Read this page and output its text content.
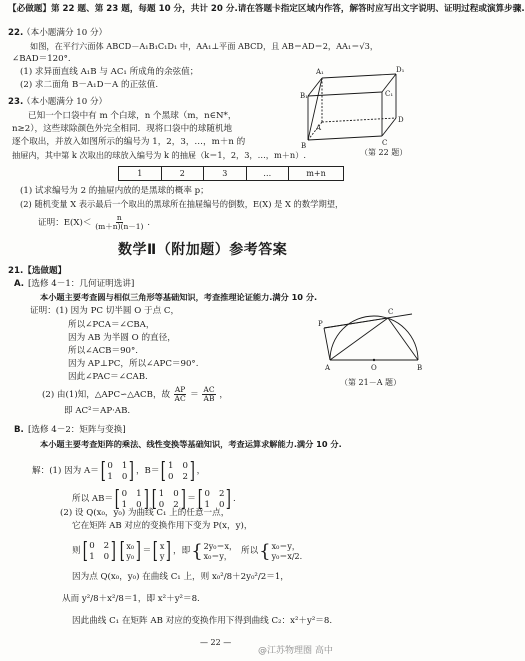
【必做题】第 22 题、第 23 题，每题 10 分，共计 20 分.请在答题卡指定区域内作答，解答时应写出文字说明、证明过程或演算步骤.
22.
（本小题满分 10 分）
如图，在平行六面体 ABCD－A₁B₁C₁D₁ 中，AA₁⊥平面 ABCD，且 AB＝AD＝2，AA₁＝√3，
∠BAD＝120°.
(1) 求异面直线 A₁B 与 AC₁ 所成角的余弦值；
(2) 求二面角 B－A₁D－A 的正弦值.
A₁	D₁
B₁	C₁
A
B	C
D
（第 22 题）
23.
（本小题满分 10 分）
已知一个口袋中有 m 个白球，n 个黑球（m，n∈N*，
n≥2），这些球除颜色外完全相同．现将口袋中的球随机地
逐个取出，并放入如图所示的编号为 1，2，3，…，m＋n 的
抽屉内，其中第 k 次取出的球放入编号为 k 的抽屉（k＝1，2，3，…，m＋n）.
1	2	3	…	m+n
(1) 试求编号为 2 的抽屉内放的是黑球的概率 p；
(2) 随机变量 X 表示最后一个取出的黑球所在抽屉编号的倒数，E(X) 是 X 的数学期望，
证明：$E(X)< \frac{n}{(m+n)(n-1)}$ .
数学Ⅱ（附加题）参考答案
21.【选做题】
A. [选修 4－1：几何证明选讲]
本小题主要考查圆与相似三角形等基础知识，考查推理论证能力.满分 10 分.
证明：(1) 因为 PC 切半圆 O 于点 C，
所以∠PCA＝∠CBA，
因为 AB 为半圆 O 的直径，
所以∠ACB＝90°.
因为 AP⊥PC，所以∠APC＝90°.
因此∠PAC＝∠CAB.
(2) 由(1)知，△APC∽△ACB，故 $\frac{AP}{AC} = \frac{AC}{AB}$ ，
即 AC²＝AP·AB.
P
C
A	O	B
（第 21－A 题）
B. [选修 4－2：矩阵与变换]
本小题主要考查矩阵的乘法、线性变换等基础知识，考查运算求解能力.满分 10 分.
解：(1) 因为 A＝ [ 0 1
1 0 ] ，B＝ [ 1 0
0 2 ] ，
所以 AB＝ [ 0 1
1 0 ] [ 1 0
0 2 ] ＝ [ 0 2
1 0 ] .
(2) 设 Q(x₀，y₀) 为曲线 C₁ 上的任意一点，
它在矩阵 AB 对应的变换作用下变为 P(x，y)，
则 [ 0 2
1 0 ] [ x₀
y₀ ] ＝ [ x
y ] ，即 { 2y₀＝x，
x₀＝y，	所以 { x₀＝y，
y₀＝x/2.
因为点 Q(x₀，y₀) 在曲线 C₁ 上，则 x₀²/8＋2y₀²/2＝1，
从而 y²/8＋x²/8＝1，即 x²＋y²＝8.
因此曲线 C₁ 在矩阵 AB 对应的变换作用下得到曲线 C₂：x²＋y²＝8.
— 22 —
@江苏物理圈 高中
